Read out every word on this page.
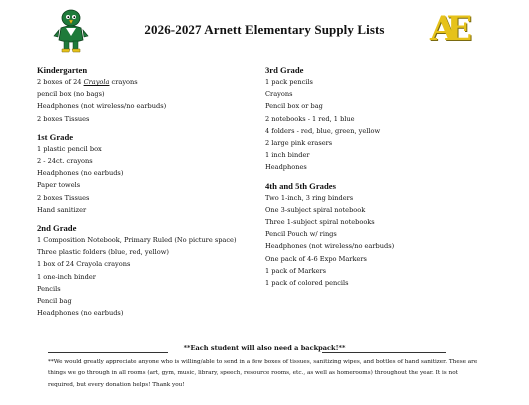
2026-2027 Arnett Elementary Supply Lists	AE
Kindergarten
2 boxes of 24 Crayola crayons
pencil box (no bags)
Headphones (not wireless/no earbuds)
2 boxes Tissues
1st Grade
1 plastic pencil box
2 - 24ct. crayons
Headphones (no earbuds)
Paper towels
2 boxes Tissues
Hand sanitizer
2nd Grade
1 Composition Notebook, Primary Ruled (No picture space)
Three plastic folders (blue, red, yellow)
1 box of 24 Crayola crayons
1 one-inch binder
Pencils
Pencil bag
Headphones (no earbuds)
3rd Grade
1 pack pencils
Crayons
Pencil box or bag
2 notebooks - 1 red, 1 blue
4 folders - red, blue, green, yellow
2 large pink erasers
1 inch binder
Headphones
4th and 5th Grades
Two 1-inch, 3 ring binders
One 3-subject spiral notebook
Three 1-subject spiral notebooks
Pencil Pouch w/ rings
Headphones (not wireless/no earbuds)
One pack of 4-6 Expo Markers
1 pack of Markers
1 pack of colored pencils
**Each student will also need a backpack!**
**We would greatly appreciate anyone who is willing/able to send in a few boxes of tissues, sanitizing wipes, and bottles of hand sanitizer. These are things we go through in all rooms (art, gym, music, library, speech, resource rooms, etc., as well as homerooms) throughout the year. It is not required, but every donation helps! Thank you!
